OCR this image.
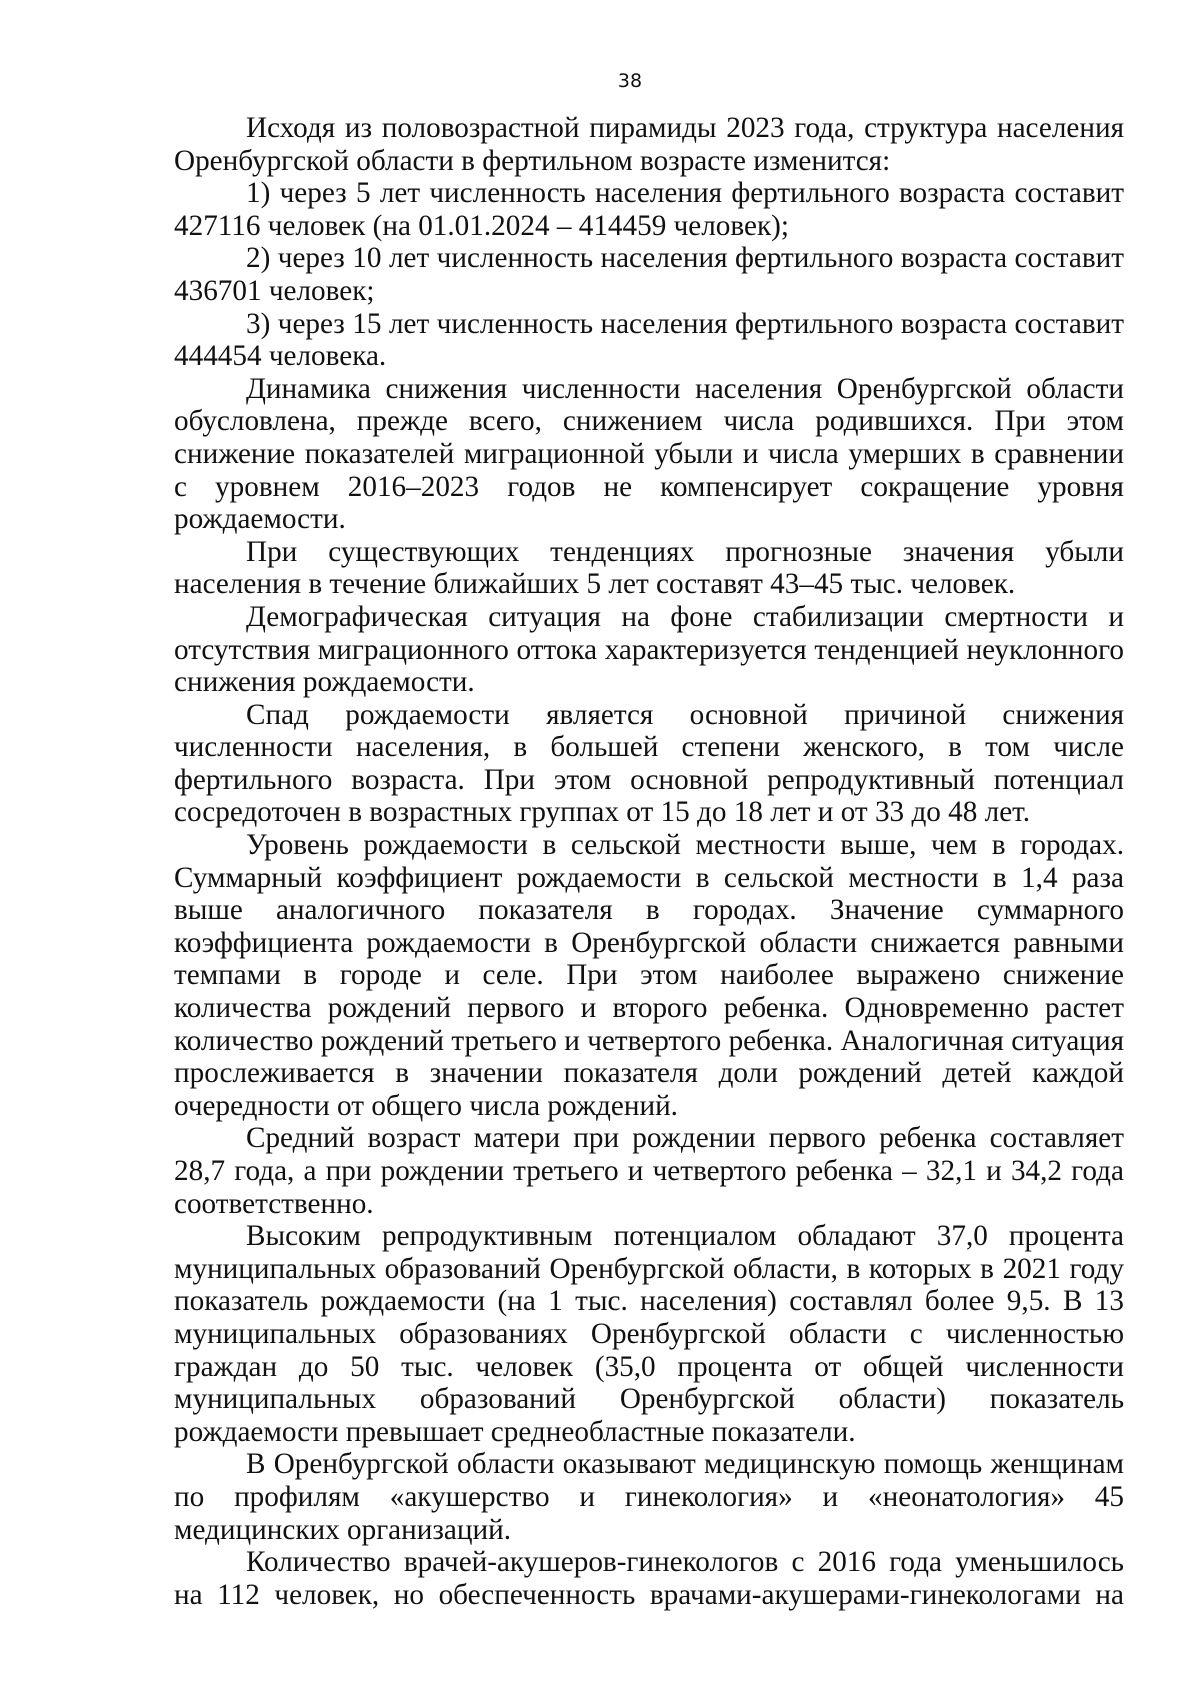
38

Исходя из половозрастной пирамиды 2023 года, структура населения Оренбургской области в фертильном возрасте изменится:

1) через 5 лет численность населения фертильного возраста составит 427116 человек (на 01.01.2024 – 414459 человек);

2) через 10 лет численность населения фертильного возраста составит 436701 человек;

3) через 15 лет численность населения фертильного возраста составит 444454 человека.

Динамика снижения численности населения Оренбургской области обусловлена, прежде всего, снижением числа родившихся. При этом снижение показателей миграционной убыли и числа умерших в сравнении с уровнем 2016–2023 годов не компенсирует сокращение уровня рождаемости.

При существующих тенденциях прогнозные значения убыли населения в течение ближайших 5 лет составят 43–45 тыс. человек.

Демографическая ситуация на фоне стабилизации смертности и отсутствия миграционного оттока характеризуется тенденцией неуклонного снижения рождаемости.

Спад рождаемости является основной причиной снижения численности населения, в большей степени женского, в том числе фертильного возраста. При этом основной репродуктивный потенциал сосредоточен в возрастных группах от 15 до 18 лет и от 33 до 48 лет.

Уровень рождаемости в сельской местности выше, чем в городах. Суммарный коэффициент рождаемости в сельской местности в 1,4 раза выше аналогичного показателя в городах. Значение суммарного коэффициента рождаемости в Оренбургской области снижается равными темпами в городе и селе. При этом наиболее выражено снижение количества рождений первого и второго ребенка. Одновременно растет количество рождений третьего и четвертого ребенка. Аналогичная ситуация прослеживается в значении показателя доли рождений детей каждой очередности от общего числа рождений.

Средний возраст матери при рождении первого ребенка составляет 28,7 года, а при рождении третьего и четвертого ребенка – 32,1 и 34,2 года соответственно.

Высоким репродуктивным потенциалом обладают 37,0 процента муниципальных образований Оренбургской области, в которых в 2021 году показатель рождаемости (на 1 тыс. населения) составлял более 9,5. В 13 муниципальных образованиях Оренбургской области с численностью граждан до 50 тыс. человек (35,0 процента от общей численности муниципальных образований Оренбургской области) показатель рождаемости превышает среднеобластные показатели.

В Оренбургской области оказывают медицинскую помощь женщинам по профилям «акушерство и гинекология» и «неонатология» 45 медицинских организаций.

Количество врачей-акушеров-гинекологов с 2016 года уменьшилось на 112 человек, но обеспеченность врачами-акушерами-гинекологами на
